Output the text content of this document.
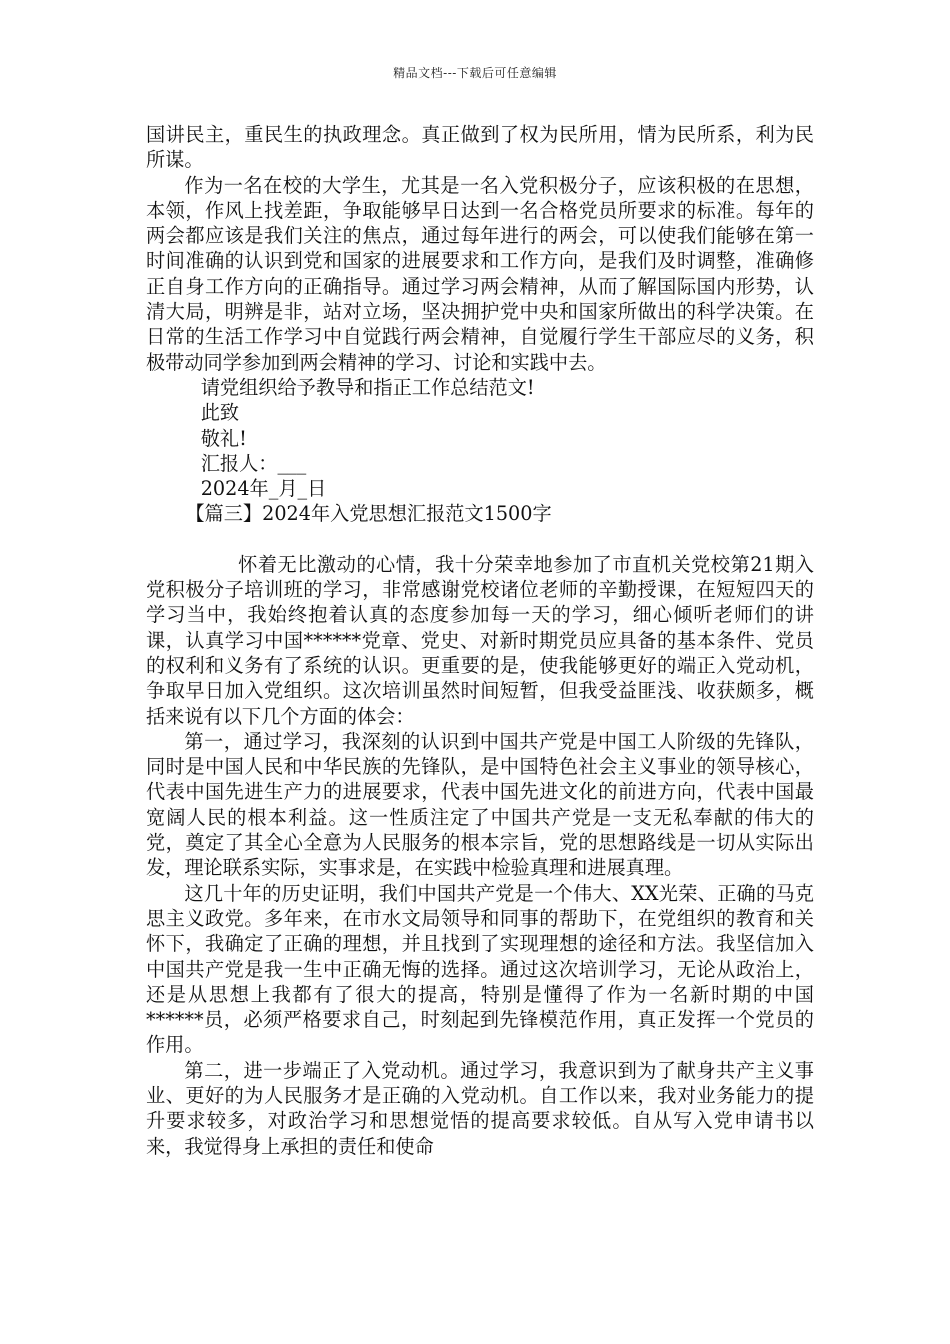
精品文档---下载后可任意编辑

国讲民主，重民生的执政理念。真正做到了权为民所用，情为民所系，利为民所谋。

作为一名在校的大学生，尤其是一名入党积极分子，应该积极的在思想，本领，作风上找差距，争取能够早日达到一名合格党员所要求的标准。每年的两会都应该是我们关注的焦点，通过每年进行的两会，可以使我们能够在第一时间准确的认识到党和国家的进展要求和工作方向，是我们及时调整，准确修正自身工作方向的正确指导。通过学习两会精神，从而了解国际国内形势，认清大局，明辨是非，站对立场，坚决拥护党中央和国家所做出的科学决策。在日常的生活工作学习中自觉践行两会精神，自觉履行学生干部应尽的义务，积极带动同学参加到两会精神的学习、讨论和实践中去。

请党组织给予教导和指正工作总结范文!

此致

敬礼!

汇报人：___

2024年_月_日

【篇三】2024年入党思想汇报范文1500字

怀着无比激动的心情，我十分荣幸地参加了市直机关党校第21期入党积极分子培训班的学习，非常感谢党校诸位老师的辛勤授课，在短短四天的学习当中，我始终抱着认真的态度参加每一天的学习，细心倾听老师们的讲课，认真学习中国******党章、党史、对新时期党员应具备的基本条件、党员的权利和义务有了系统的认识。更重要的是，使我能够更好的端正入党动机，争取早日加入党组织。这次培训虽然时间短暂，但我受益匪浅、收获颇多，概括来说有以下几个方面的体会：

第一，通过学习，我深刻的认识到中国共产党是中国工人阶级的先锋队，同时是中国人民和中华民族的先锋队，是中国特色社会主义事业的领导核心，代表中国先进生产力的进展要求，代表中国先进文化的前进方向，代表中国最宽阔人民的根本利益。这一性质注定了中国共产党是一支无私奉献的伟大的党，奠定了其全心全意为人民服务的根本宗旨，党的思想路线是一切从实际出发，理论联系实际，实事求是，在实践中检验真理和进展真理。

这几十年的历史证明，我们中国共产党是一个伟大、XX光荣、正确的马克思主义政党。多年来，在市水文局领导和同事的帮助下，在党组织的教育和关怀下，我确定了正确的理想，并且找到了实现理想的途径和方法。我坚信加入中国共产党是我一生中正确无悔的选择。通过这次培训学习，无论从政治上，还是从思想上我都有了很大的提高，特别是懂得了作为一名新时期的中国******员，必须严格要求自己，时刻起到先锋模范作用，真正发挥一个党员的作用。

第二，进一步端正了入党动机。通过学习，我意识到为了献身共产主义事业、更好的为人民服务才是正确的入党动机。自工作以来，我对业务能力的提升要求较多，对政治学习和思想觉悟的提高要求较低。自从写入党申请书以来，我觉得身上承担的责任和使命
